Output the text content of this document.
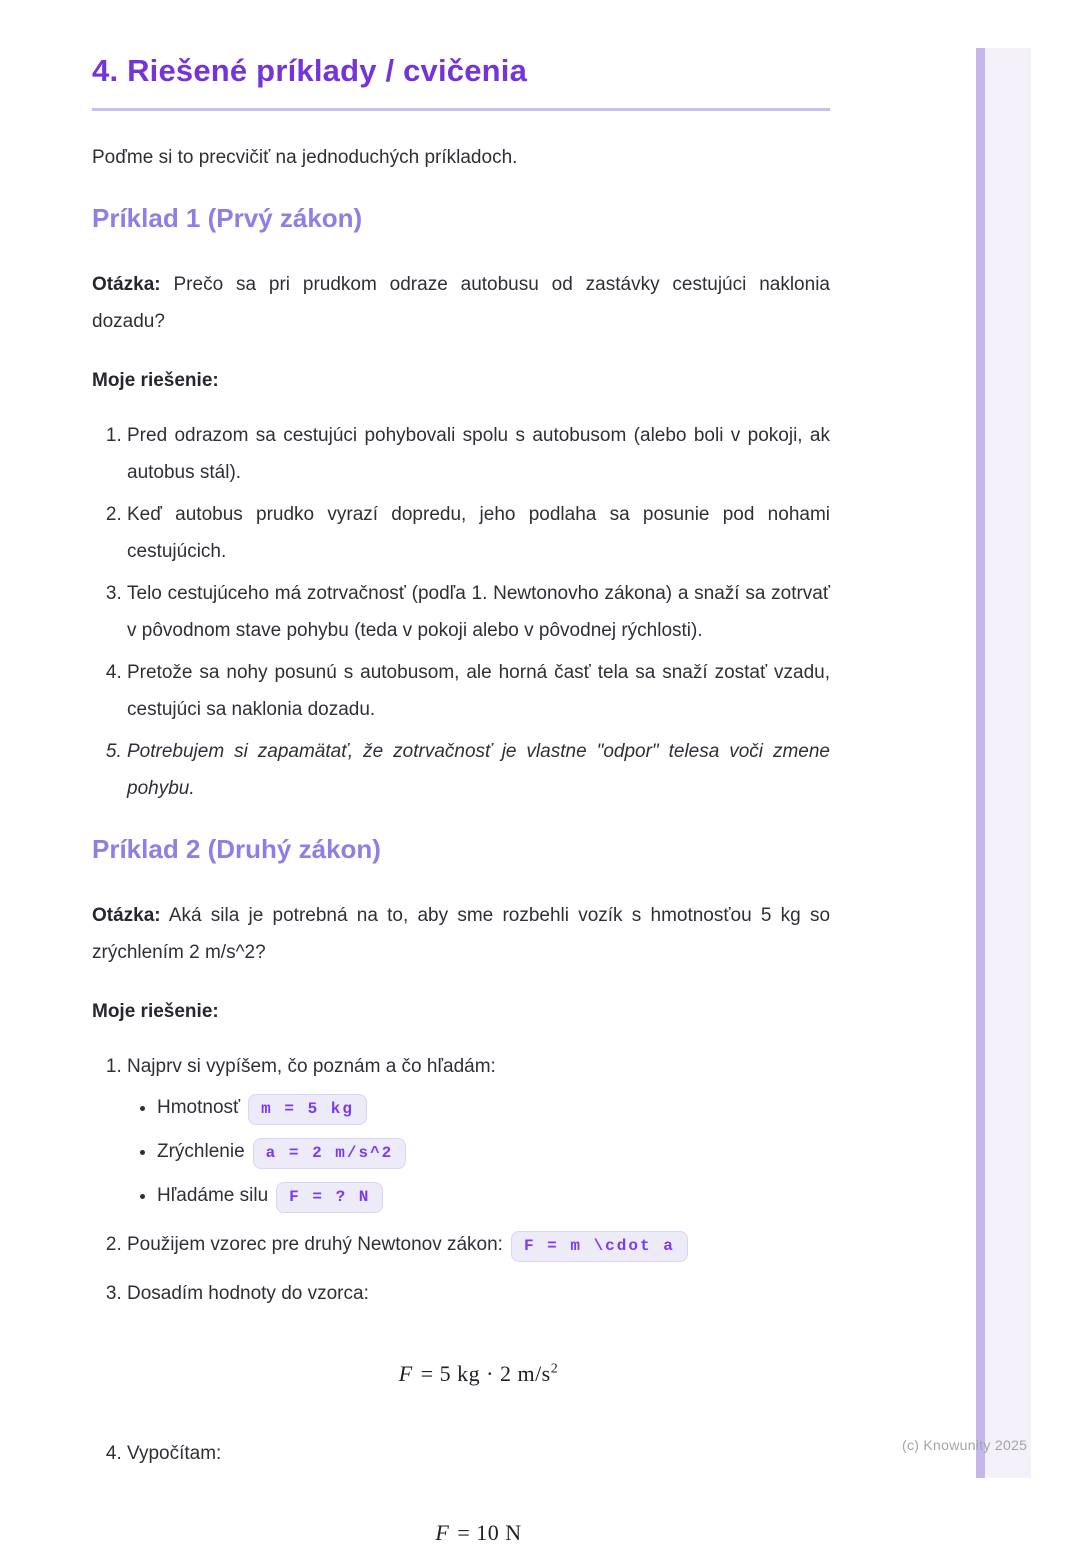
4. Riešené príklady / cvičenia

Poďme si to precvičiť na jednoduchých príkladoch.

Príklad 1 (Prvý zákon)

Otázka: Prečo sa pri prudkom odraze autobusu od zastávky cestujúci naklonia dozadu?

Moje riešenie:

1. Pred odrazom sa cestujúci pohybovali spolu s autobusom (alebo boli v pokoji, ak autobus stál).
2. Keď autobus prudko vyrazí dopredu, jeho podlaha sa posunie pod nohami cestujúcich.
3. Telo cestujúceho má zotrvačnosť (podľa 1. Newtonovho zákona) a snaží sa zotrvať v pôvodnom stave pohybu (teda v pokoji alebo v pôvodnej rýchlosti).
4. Pretože sa nohy posunú s autobusom, ale horná časť tela sa snaží zostať vzadu, cestujúci sa naklonia dozadu.
5. Potrebujem si zapamätať, že zotrvačnosť je vlastne "odpor" telesa voči zmene pohybu.
Príklad 2 (Druhý zákon)

Otázka: Aká sila je potrebná na to, aby sme rozbehli vozík s hmotnosťou 5 kg so zrýchlením 2 m/s^2?

Moje riešenie:

1. Najprv si vypíšem, čo poznám a čo hľadám:
• Hmotnosť m = 5 kg
• Zrýchlenie a = 2 m/s^2
• Hľadáme silu F = ? N
2. Použijem vzorec pre druhý Newtonov zákon: F = m \cdot a
3. Dosadím hodnoty do vzorca:
F = 5 kg · 2 $m/s^2$
4. Vypočítam:
F = 10 N
(c) Knowunity 2025
